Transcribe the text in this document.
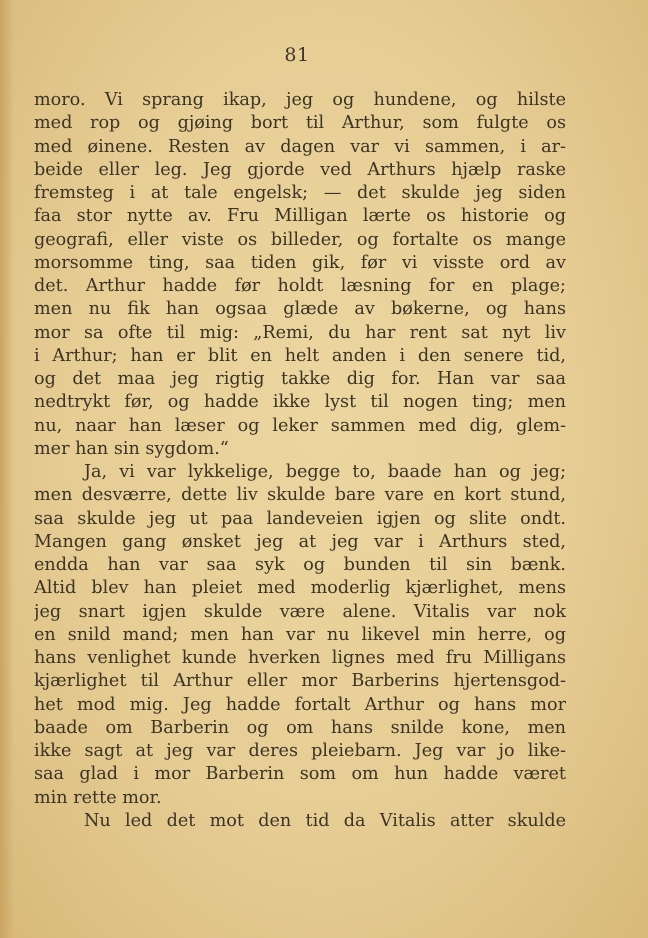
81
moro. Vi sprang ikap, jeg og hundene, og hilste
med rop og gjøing bort til Arthur, som fulgte os
med øinene. Resten av dagen var vi sammen, i ar-
beide eller leg. Jeg gjorde ved Arthurs hjælp raske
fremsteg i at tale engelsk; — det skulde jeg siden
faa stor nytte av. Fru Milligan lærte os historie og
geografi, eller viste os billeder, og fortalte os mange
morsomme ting, saa tiden gik, før vi visste ord av
det. Arthur hadde før holdt læsning for en plage;
men nu fik han ogsaa glæde av bøkerne, og hans
mor sa ofte til mig: „Remi, du har rent sat nyt liv
i Arthur; han er blit en helt anden i den senere tid,
og det maa jeg rigtig takke dig for. Han var saa
nedtrykt før, og hadde ikke lyst til nogen ting; men
nu, naar han læser og leker sammen med dig, glem-
mer han sin sygdom.“
Ja, vi var lykkelige, begge to, baade han og jeg;
men desværre, dette liv skulde bare vare en kort stund,
saa skulde jeg ut paa landeveien igjen og slite ondt.
Mangen gang ønsket jeg at jeg var i Arthurs sted,
endda han var saa syk og bunden til sin bænk.
Altid blev han pleiet med moderlig kjærlighet, mens
jeg snart igjen skulde være alene. Vitalis var nok
en snild mand; men han var nu likevel min herre, og
hans venlighet kunde hverken lignes med fru Milligans
kjærlighet til Arthur eller mor Barberins hjertensgod-
het mod mig. Jeg hadde fortalt Arthur og hans mor
baade om Barberin og om hans snilde kone, men
ikke sagt at jeg var deres pleiebarn. Jeg var jo like-
saa glad i mor Barberin som om hun hadde været
min rette mor.
Nu led det mot den tid da Vitalis atter skulde
